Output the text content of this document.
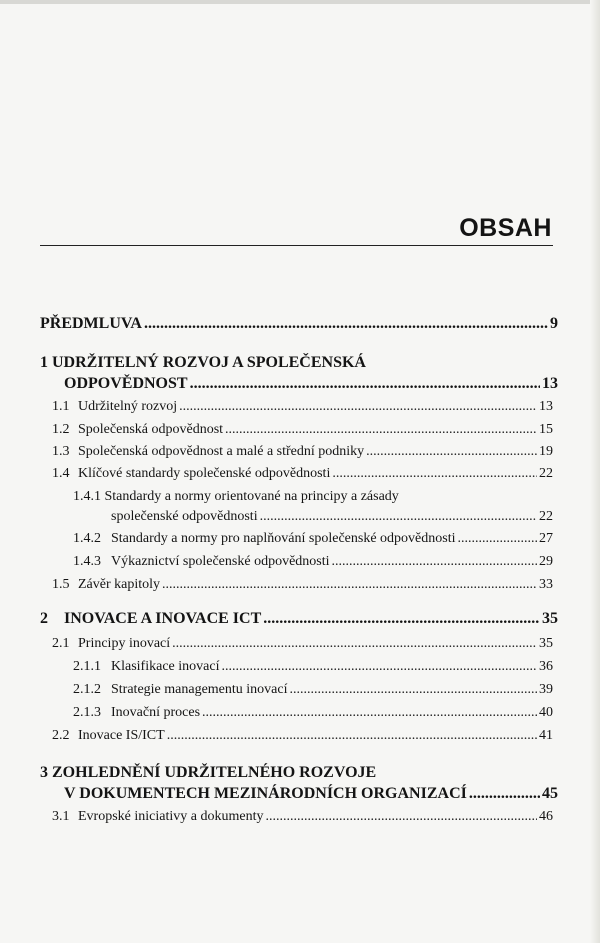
OBSAH
PŘEDMLUVA .....	9
1 UDRŽITELNÝ ROZVOJ A SPOLEČENSKÁ
ODPOVĚDNOST .....	13
1.1 Udržitelný rozvoj .....	13
1.2 Společenská odpovědnost .....	15
1.3 Společenská odpovědnost a malé a střední podniky .....	19
1.4 Klíčové standardy společenské odpovědnosti .....	22
1.4.1 Standardy a normy orientované na principy a zásady
společenské odpovědnosti .....	22
1.4.2 Standardy a normy pro naplňování společenské odpovědnosti .....	27
1.4.3 Výkaznictví společenské odpovědnosti .....	29
1.5 Závěr kapitoly .....	33
2	INOVACE A INOVACE ICT .....	35
2.1 Principy inovací .....	35
2.1.1 Klasifikace inovací .....	36
2.1.2 Strategie managementu inovací .....	39
2.1.3 Inovační proces .....	40
2.2 Inovace IS/ICT .....	41
3 ZOHLEDNĚNÍ UDRŽITELNÉHO ROZVOJE
V DOKUMENTECH MEZINÁRODNÍCH ORGANIZACÍ .....	45
3.1 Evropské iniciativy a dokumenty .....	46
